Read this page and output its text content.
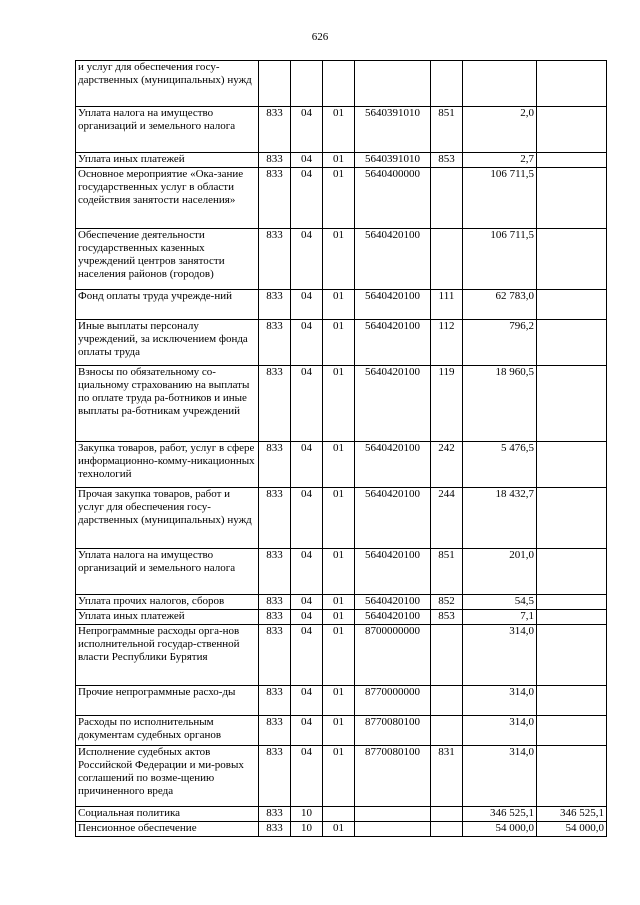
626
и услуг для обеспечения госу-дарственных (муниципальных) нужд							
Уплата налога на имущество организаций и земельного налога	833	04	01	5640391010	851	2,0	
Уплата иных платежей	833	04	01	5640391010	853	2,7	
Основное мероприятие «Ока-зание государственных услуг в области содействия занятости населения»	833	04	01	5640400000		106 711,5	
Обеспечение деятельности государственных казенных учреждений центров занятости населения районов (городов)	833	04	01	5640420100		106 711,5	
Фонд оплаты труда учрежде-ний	833	04	01	5640420100	111	62 783,0	
Иные выплаты персоналу учреждений, за исключением фонда оплаты труда	833	04	01	5640420100	112	796,2	
Взносы по обязательному со-циальному страхованию на выплаты по оплате труда ра-ботников и иные выплаты ра-ботникам учреждений	833	04	01	5640420100	119	18 960,5	
Закупка товаров, работ, услуг в сфере информационно-комму-никационных технологий	833	04	01	5640420100	242	5 476,5	
Прочая закупка товаров, работ и услуг для обеспечения госу-дарственных (муниципальных) нужд	833	04	01	5640420100	244	18 432,7	
Уплата налога на имущество организаций и земельного налога	833	04	01	5640420100	851	201,0	
Уплата прочих налогов, сборов	833	04	01	5640420100	852	54,5	
Уплата иных платежей	833	04	01	5640420100	853	7,1	
Непрограммные расходы орга-нов исполнительной государ-ственной власти Республики Бурятия	833	04	01	8700000000		314,0	
Прочие непрограммные расхо-ды	833	04	01	8770000000		314,0	
Расходы по исполнительным документам судебных органов	833	04	01	8770080100		314,0	
Исполнение судебных актов Российской Федерации и ми-ровых соглашений по возме-щению причиненного вреда	833	04	01	8770080100	831	314,0	
Социальная политика	833	10				346 525,1	346 525,1
Пенсионное обеспечение	833	10	01			54 000,0	54 000,0
